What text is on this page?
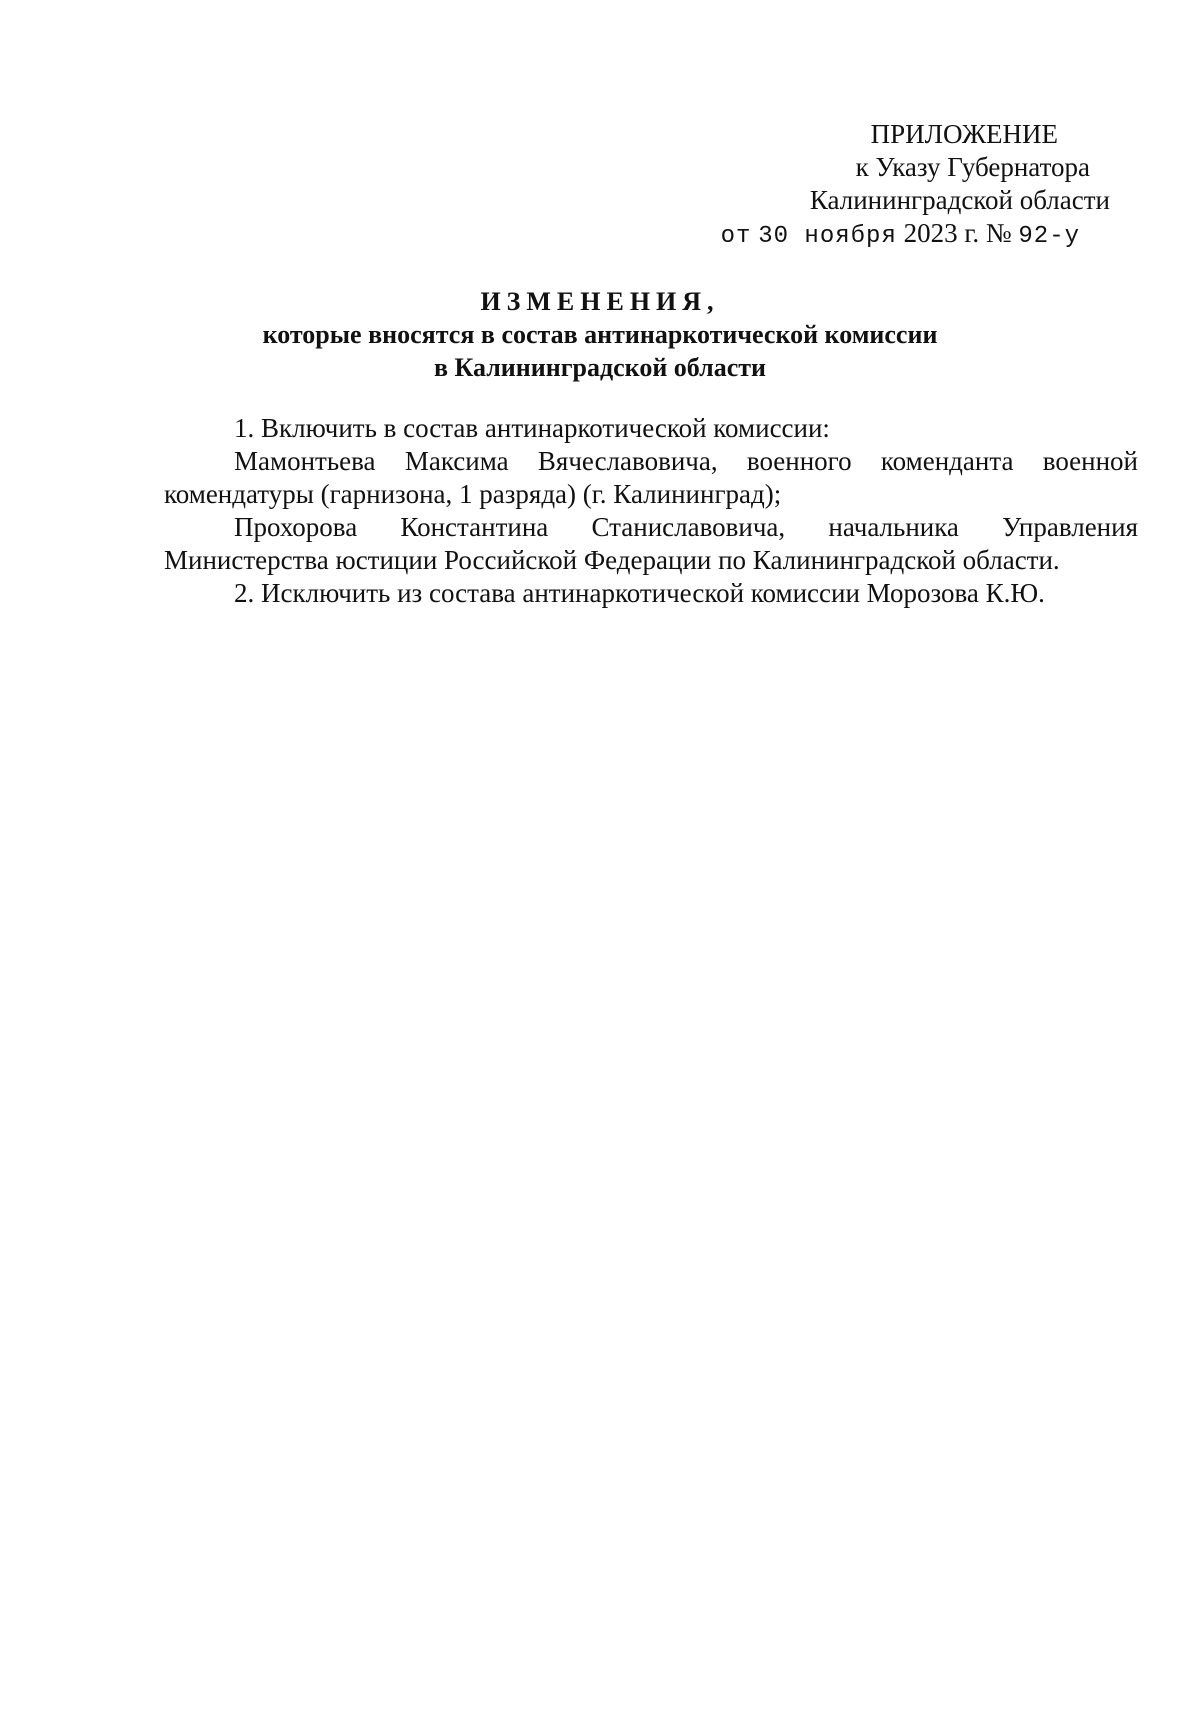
ПРИЛОЖЕНИЕ
к Указу Губернатора
Калининградской области
от 30 ноября 2023 г. № 92-у
ИЗМЕНЕНИЯ,
которые вносятся в состав антинаркотической комиссии
в Калининградской области

1. Включить в состав антинаркотической комиссии:

Мамонтьева Максима Вячеславовича, военного коменданта военной комендатуры (гарнизона, 1 разряда) (г. Калининград);

Прохорова Константина Станиславовича, начальника Управления Министерства юстиции Российской Федерации по Калининградской области.

2. Исключить из состава антинаркотической комиссии Морозова К.Ю.
